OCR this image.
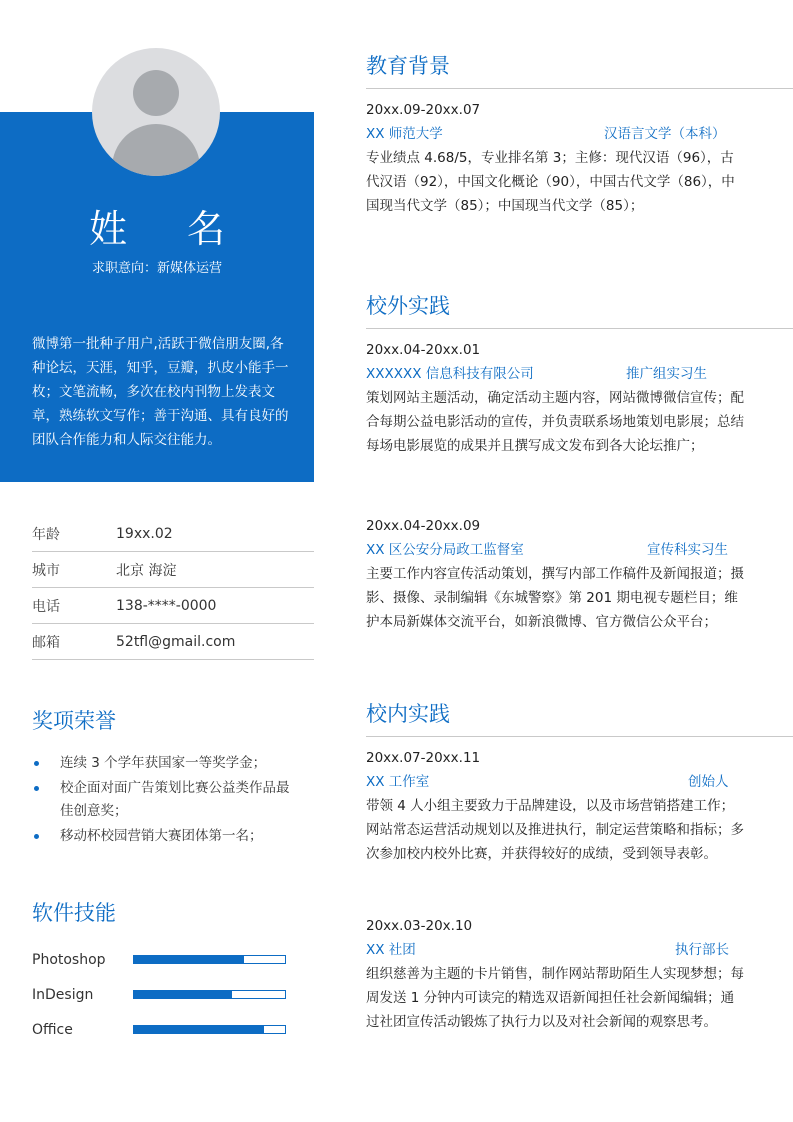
姓 名
求职意向：新媒体运营
微博第一批种子用户,活跃于微信朋友圈,各种论坛，天涯，知乎，豆瓣，扒皮小能手一枚；文笔流畅，多次在校内刊物上发表文章，熟练软文写作；善于沟通、具有良好的团队合作能力和人际交往能力。
年龄	19xx.02
城市	北京 海淀
电话	138-****-0000
邮箱	52tfl@gmail.com
奖项荣誉
连续 3 个学年获国家一等奖学金；
校企面对面广告策划比赛公益类作品最佳创意奖；
移动杯校园营销大赛团体第一名；
软件技能
Photoshop
InDesign
Office
教育背景
20xx.09-20xx.07
XX 师范大学	汉语言文学（本科）
专业绩点 4.68/5，专业排名第 3；主修：现代汉语（96），古代汉语（92），中国文化概论（90），中国古代文学（86），中国现当代文学（85）；中国现当代文学（85）；
校外实践
20xx.04-20xx.01
XXXXXX 信息科技有限公司	推广组实习生
策划网站主题活动，确定活动主题内容，网站微博微信宣传；配合每期公益电影活动的宣传，并负责联系场地策划电影展；总结每场电影展览的成果并且撰写成文发布到各大论坛推广；
20xx.04-20xx.09
XX 区公安分局政工监督室	宣传科实习生
主要工作内容宣传活动策划，撰写内部工作稿件及新闻报道；摄影、摄像、录制编辑《东城警察》第 201 期电视专题栏目；维护本局新媒体交流平台，如新浪微博、官方微信公众平台；
校内实践
20xx.07-20xx.11
XX 工作室	创始人
带领 4 人小组主要致力于品牌建设，以及市场营销搭建工作；网站常态运营活动规划以及推进执行，制定运营策略和指标；多次参加校内校外比赛，并获得较好的成绩，受到领导表彰。
20xx.03-20x.10
XX 社团	执行部长
组织慈善为主题的卡片销售，制作网站帮助陌生人实现梦想；每周发送 1 分钟内可读完的精选双语新闻担任社会新闻编辑；通过社团宣传活动锻炼了执行力以及对社会新闻的观察思考。
